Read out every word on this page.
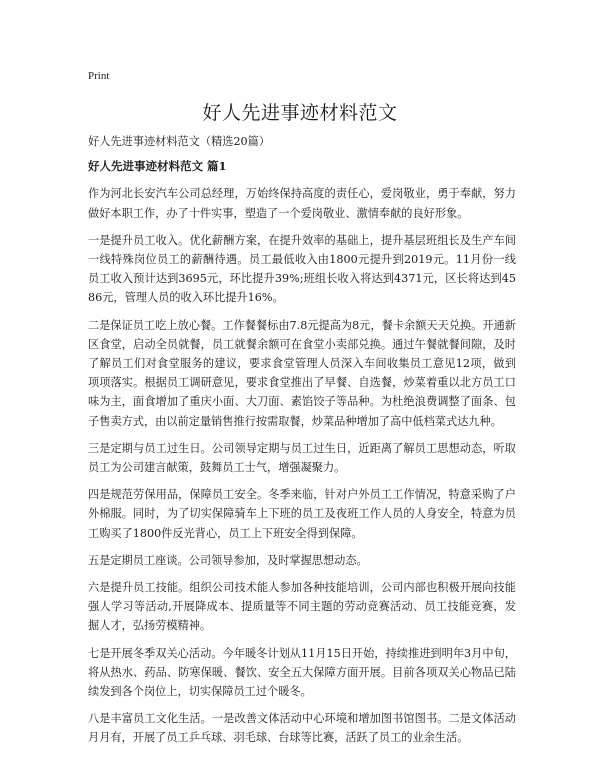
Print
好人先进事迹材料范文

好人先进事迹材料范文（精选20篇）

好人先进事迹材料范文 篇1

作为河北长安汽车公司总经理，万始终保持高度的责任心，爱岗敬业，勇于奉献，努力做好本职工作，办了十件实事，塑造了一个爱岗敬业、激情奉献的良好形象。

一是提升员工收入。优化薪酬方案，在提升效率的基础上，提升基层班组长及生产车间一线特殊岗位员工的薪酬待遇。员工最低收入由1800元提升到2019元。11月份一线员工收入预计达到3695元，环比提升39%;班组长收入将达到4371元，区长将达到4586元，管理人员的收入环比提升16%。

二是保证员工吃上放心餐。工作餐餐标由7.8元提高为8元，餐卡余额天天兑换。开通新区食堂，启动全员就餐，员工就餐余额可在食堂小卖部兑换。通过午餐就餐间隙，及时了解员工们对食堂服务的建议，要求食堂管理人员深入车间收集员工意见12项，做到项项落实。根据员工调研意见，要求食堂推出了早餐、自选餐，炒菜着重以北方员工口味为主，面食增加了重庆小面、大刀面、素馅饺子等品种。为杜绝浪费调整了面条、包子售卖方式，由以前定量销售推行按需取餐，炒菜品种增加了高中低档菜式达九种。

三是定期与员工过生日。公司领导定期与员工过生日，近距离了解员工思想动态，听取员工为公司建言献策，鼓舞员工士气，增强凝聚力。

四是规范劳保用品，保障员工安全。冬季来临，针对户外员工工作情况，特意采购了户外棉服。同时，为了切实保障骑车上下班的员工及夜班工作人员的人身安全，特意为员工购买了1800件反光背心，员工上下班安全得到保障。

五是定期员工座谈。公司领导参加，及时掌握思想动态。

六是提升员工技能。组织公司技术能人参加各种技能培训，公司内部也积极开展向技能强人学习等活动,开展降成本、提质量等不同主题的劳动竞赛活动、员工技能竞赛，发掘人才，弘扬劳模精神。

七是开展冬季双关心活动。今年暖冬计划从11月15日开始，持续推进到明年3月中旬，将从热水、药品、防寒保暖、餐饮、安全五大保障方面开展。目前各项双关心物品已陆续发到各个岗位上，切实保障员工过个暖冬。

八是丰富员工文化生活。一是改善文体活动中心环境和增加图书馆图书。二是文体活动月月有，开展了员工乒乓球、羽毛球、台球等比赛，活跃了员工的业余生活。
